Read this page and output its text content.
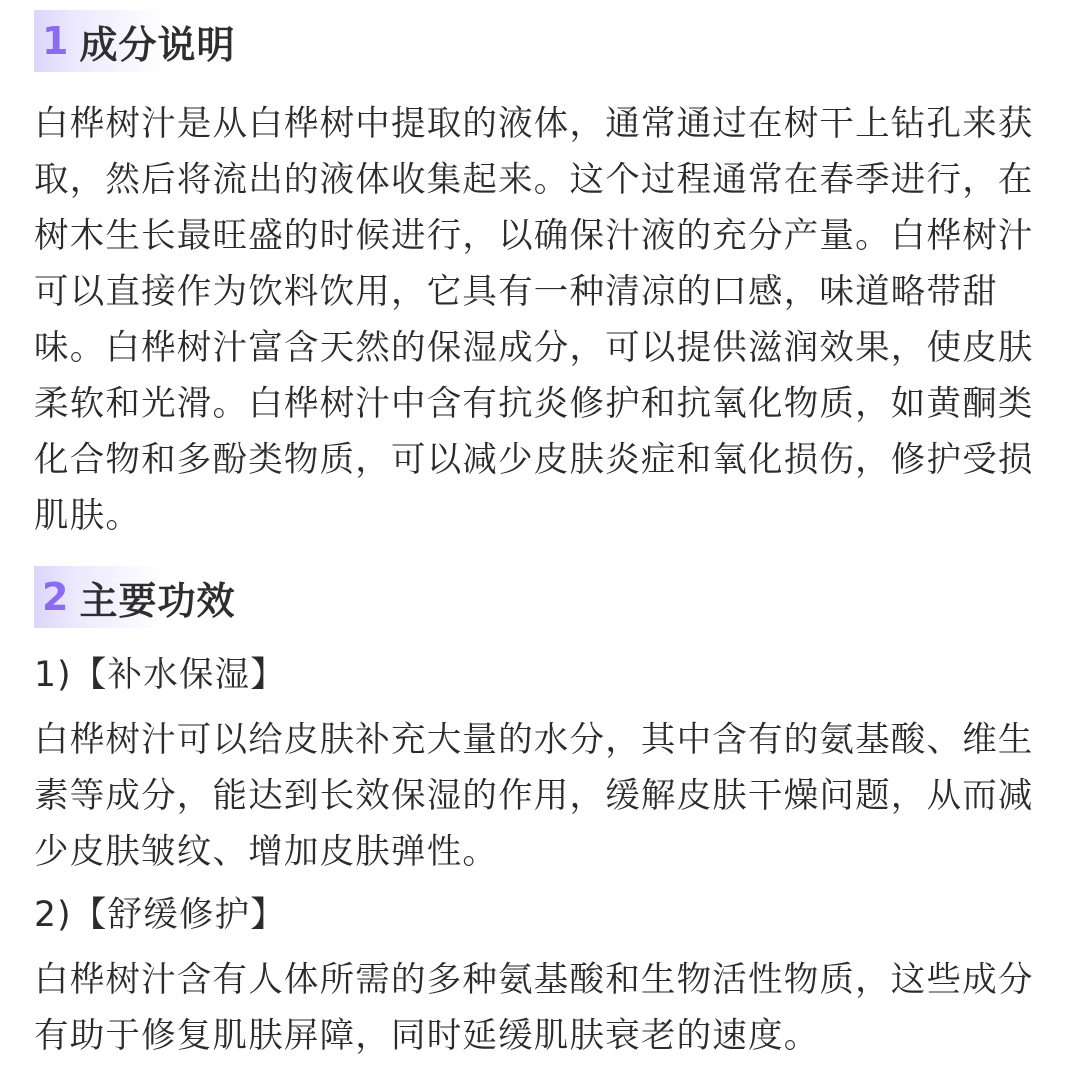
1 成分说明

白桦树汁是从白桦树中提取的液体，通常通过在树干上钻孔来获取，然后将流出的液体收集起来。这个过程通常在春季进行，在树木生长最旺盛的时候进行，以确保汁液的充分产量。白桦树汁可以直接作为饮料饮用，它具有一种清凉的口感，味道略带甜味。白桦树汁富含天然的保湿成分，可以提供滋润效果，使皮肤柔软和光滑。白桦树汁中含有抗炎修护和抗氧化物质，如黄酮类化合物和多酚类物质，可以减少皮肤炎症和氧化损伤，修护受损肌肤。

2 主要功效
1)【补水保湿】

白桦树汁可以给皮肤补充大量的水分，其中含有的氨基酸、维生素等成分，能达到长效保湿的作用，缓解皮肤干燥问题，从而减少皮肤皱纹、增加皮肤弹性。

2)【舒缓修护】

白桦树汁含有人体所需的多种氨基酸和生物活性物质，这些成分有助于修复肌肤屏障，同时延缓肌肤衰老的速度。
